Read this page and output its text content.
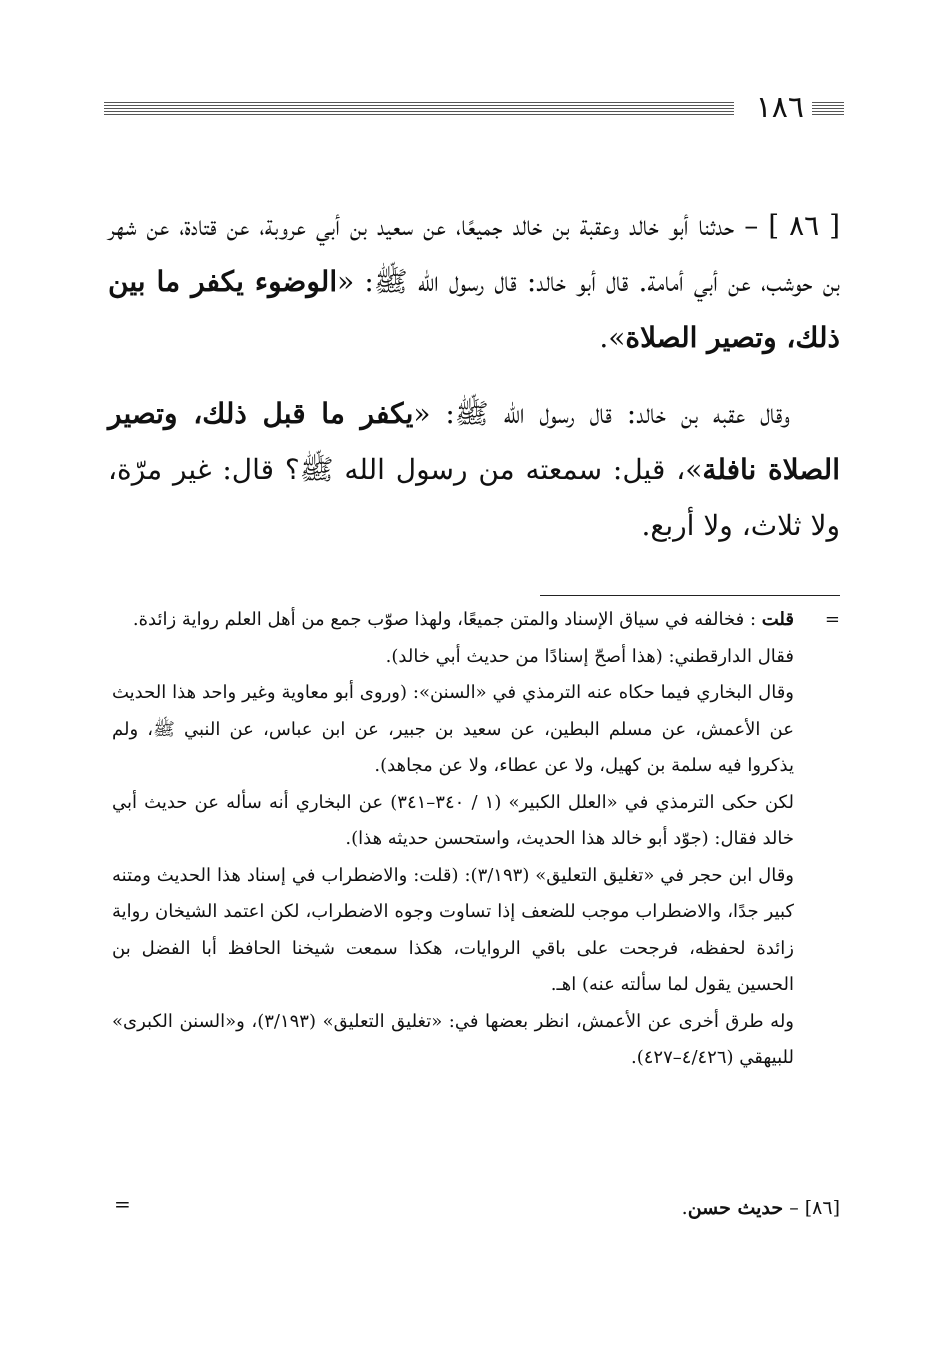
١٨٦

[ ٨٦ ] – حدثنا أبو خالد وعقبة بن خالد جميعًا، عن سعيد بن أبي عروبة، عن قتادة، عن شهر بن حوشب، عن أبي أمامة. قال أبو خالد: قال رسول الله ﷺ: «الوضوء يكفر ما بين ذلك، وتصير الصلاة».

وقال عقبه بن خالد: قال رسول الله ﷺ: «يكفر ما قبل ذلك، وتصير الصلاة نافلة»، قيل: سمعته من رسول الله ﷺ؟ قال: غير مرّة، ولا ثلاث، ولا أربع.

=
قلت : فخالفه في سياق الإسناد والمتن جميعًا، ولهذا صوّب جمع من أهل العلم رواية زائدة.

فقال الدارقطني: (هذا أصحّ إسنادًا من حديث أبي خالد).

وقال البخاري فيما حكاه عنه الترمذي في «السنن»: (وروى أبو معاوية وغير واحد هذا الحديث عن الأعمش، عن مسلم البطين، عن سعيد بن جبير، عن ابن عباس، عن النبي ﷺ، ولم يذكروا فيه سلمة بن كهيل، ولا عن عطاء، ولا عن مجاهد).

لكن حكى الترمذي في «العلل الكبير» (١ / ٣٤٠–٣٤١) عن البخاري أنه سأله عن حديث أبي خالد فقال: (جوّد أبو خالد هذا الحديث، واستحسن حديثه هذا).

وقال ابن حجر في «تغليق التعليق» (٣/١٩٣): (قلت: والاضطراب في إسناد هذا الحديث ومتنه كبير جدًا، والاضطراب موجب للضعف إذا تساوت وجوه الاضطراب، لكن اعتمد الشيخان رواية زائدة لحفظه، فرجحت على باقي الروايات، هكذا سمعت شيخنا الحافظ أبا الفضل بن الحسين يقول لما سألته عنه) اهـ.

وله طرق أخرى عن الأعمش، انظر بعضها في: «تغليق التعليق» (٣/١٩٣)، و«السنن الكبرى» للبيهقي (٤/٤٢٦–٤٢٧).

[٨٦] – حديث حسن.
=
